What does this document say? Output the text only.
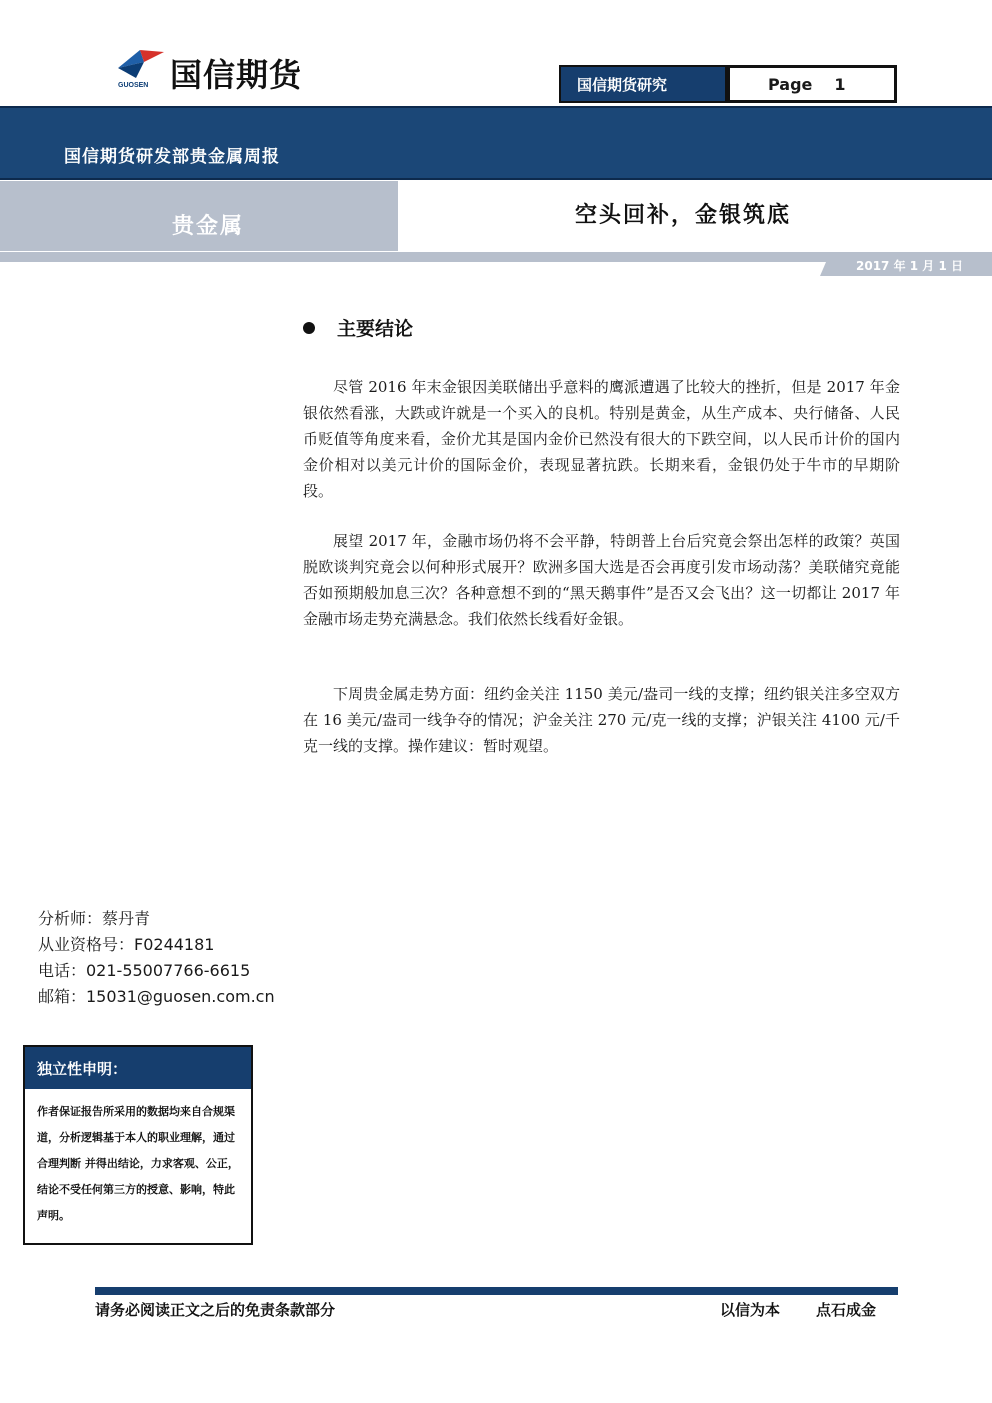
国信期货
GUOSEN	国信期货研究	Page 1
国信期货研发部贵金属周报
贵金属	空头回补，金银筑底
2017 年 1 月 1 日
主要结论

尽管 2016 年末金银因美联储出乎意料的鹰派遭遇了比较大的挫折，但是 2017 年金银依然看涨，大跌或许就是一个买入的良机。特别是黄金，从生产成本、央行储备、人民币贬值等角度来看，金价尤其是国内金价已然没有很大的下跌空间，以人民币计价的国内金价相对以美元计价的国际金价，表现显著抗跌。长期来看，金银仍处于牛市的早期阶段。

展望 2017 年，金融市场仍将不会平静，特朗普上台后究竟会祭出怎样的政策？英国脱欧谈判究竟会以何种形式展开？欧洲多国大选是否会再度引发市场动荡？美联储究竟能否如预期般加息三次？各种意想不到的“黑天鹅事件”是否又会飞出？这一切都让 2017 年金融市场走势充满悬念。我们依然长线看好金银。

下周贵金属走势方面：纽约金关注 1150 美元/盎司一线的支撑；纽约银关注多空双方在 16 美元/盎司一线争夺的情况；沪金关注 270 元/克一线的支撑；沪银关注 4100 元/千克一线的支撑。操作建议：暂时观望。

分析师：蔡丹青
从业资格号：F0244181
电话：021-55007766-6615
邮箱：15031@guosen.com.cn
独立性申明：
作者保证报告所采用的数据均来自合规渠道，分析逻辑基于本人的职业理解，通过合理判断 并得出结论，力求客观、公正，结论不受任何第三方的授意、影响，特此声明。
请务必阅读正文之后的免责条款部分	以信为本 点石成金
